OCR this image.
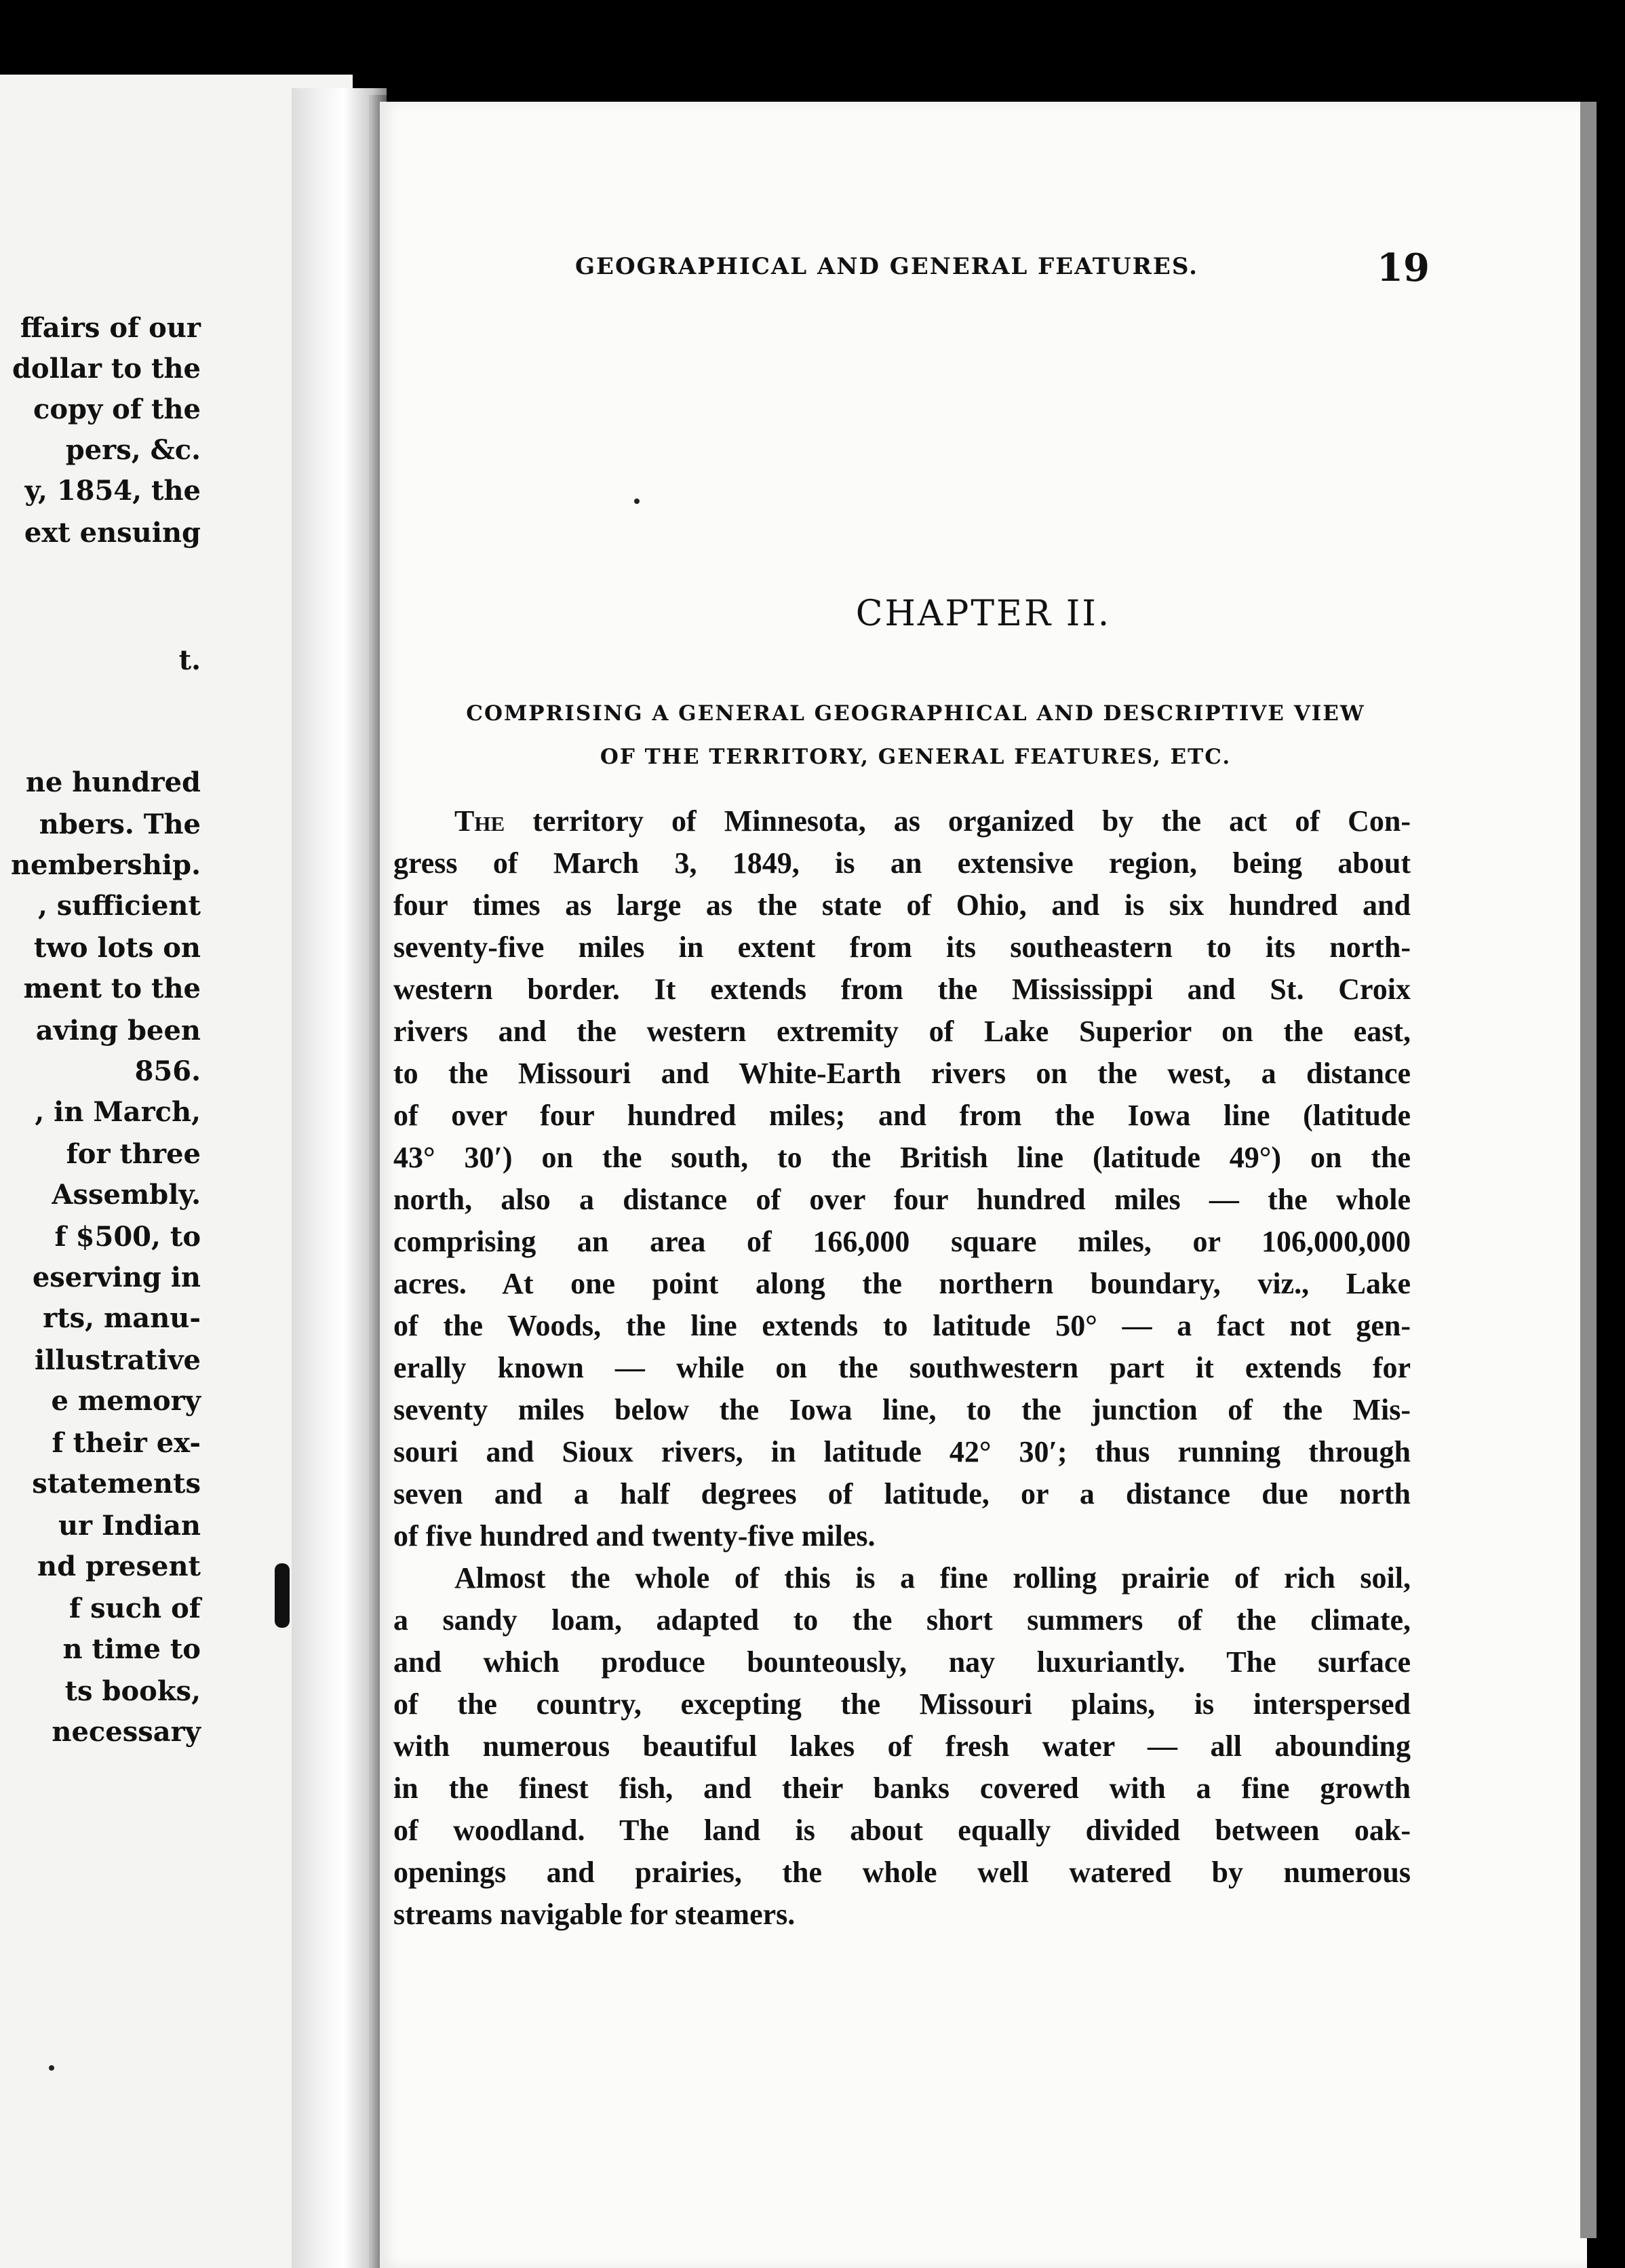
ffairs of our
dollar to the
copy of the
pers, &c.
y, 1854, the
ext ensuing
t.
ne hundred
nbers. The
nembership.
, sufficient
two lots on
ment to the
aving been
856.
, in March,
for three
Assembly.
f $500, to
eserving in
rts, manu-
illustrative
e memory
f their ex-
statements
ur Indian
nd present
f such of
n time to
ts books,
necessary
GEOGRAPHICAL AND GENERAL FEATURES.	19
CHAPTER II.
COMPRISING A GENERAL GEOGRAPHICAL AND DESCRIPTIVE VIEW
OF THE TERRITORY, GENERAL FEATURES, ETC.
The territory of Minnesota, as organized by the act of Con-
gress of March 3, 1849, is an extensive region, being about
four times as large as the state of Ohio, and is six hundred and
seventy-five miles in extent from its southeastern to its north-
western border. It extends from the Mississippi and St. Croix
rivers and the western extremity of Lake Superior on the east,
to the Missouri and White-Earth rivers on the west, a distance
of over four hundred miles; and from the Iowa line (latitude
43° 30′) on the south, to the British line (latitude 49°) on the
north, also a distance of over four hundred miles — the whole
comprising an area of 166,000 square miles, or 106,000,000
acres. At one point along the northern boundary, viz., Lake
of the Woods, the line extends to latitude 50° — a fact not gen-
erally known — while on the southwestern part it extends for
seventy miles below the Iowa line, to the junction of the Mis-
souri and Sioux rivers, in latitude 42° 30′; thus running through
seven and a half degrees of latitude, or a distance due north
of five hundred and twenty-five miles.
Almost the whole of this is a fine rolling prairie of rich soil,
a sandy loam, adapted to the short summers of the climate,
and which produce bounteously, nay luxuriantly. The surface
of the country, excepting the Missouri plains, is interspersed
with numerous beautiful lakes of fresh water — all abounding
in the finest fish, and their banks covered with a fine growth
of woodland. The land is about equally divided between oak-
openings and prairies, the whole well watered by numerous
streams navigable for steamers.
